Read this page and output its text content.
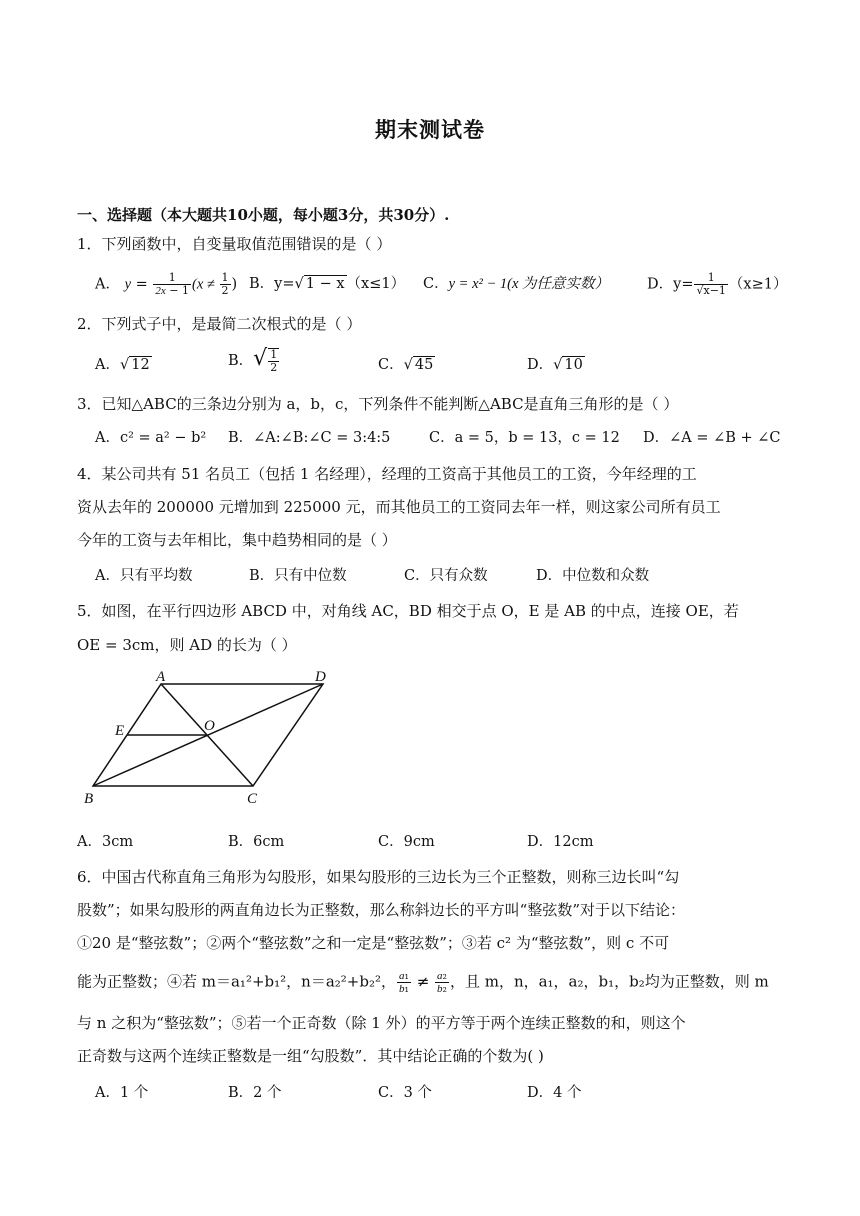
期末测试卷
一、选择题（本大题共10小题，每小题3分，共30分）.
1．下列函数中，自变量取值范围错误的是（ ）
A． $y = \frac{1}{2x - 1} (x \ne \frac{1}{2}$ ) B．y=√ 1 − x （x≤1） C．y = x² − 1(x 为任意实数）	D．$y= \frac{1}{√x-1} (x\ge 1)$
2．下列式子中，是最简二次根式的是（ ）
A．√ 12	B．√ $\frac{1}{2}$	C．√ 45	D．√ 10
3．已知△ABC的三条边分别为 a，b，c，下列条件不能判断△ABC是直角三角形的是（ ）
A．c² = a² − b² B．∠A:∠B:∠C = 3:4:5	C．a = 5，b = 13，c = 12 D．∠A = ∠B + ∠C
4．某公司共有 51 名员工（包括 1 名经理），经理的工资高于其他员工的工资，今年经理的工
资从去年的 200000 元增加到 225000 元，而其他员工的工资同去年一样，则这家公司所有员工
今年的工资与去年相比，集中趋势相同的是（ ）
A．只有平均数	B．只有中位数	C．只有众数	D．中位数和众数
5．如图，在平行四边形 ABCD 中，对角线 AC，BD 相交于点 O，E 是 AB 的中点，连接 OE，若
OE = 3cm，则 AD 的长为（ ）
A	D
B	C
E	O
A．3cm	B．6cm	C．9cm	D．12cm
6．中国古代称直角三角形为勾股形，如果勾股形的三边长为三个正整数，则称三边长叫“勾
股数”；如果勾股形的两直角边长为正整数，那么称斜边长的平方叫“整弦数”对于以下结论：
①20 是“整弦数”；②两个“整弦数”之和一定是“整弦数”；③若 c² 为“整弦数”，则 c 不可
能为正整数；④若 m＝a₁²+b₁²，n＝a₂²+b₂²， $\frac{\text{a₁}}{\text{b₁}} \ne \frac{\text{a₂}}{\text{b₂}}$ ，且 m，n，a₁，a₂，b₁，b₂均为正整数，则 m
与 n 之积为“整弦数”；⑤若一个正奇数（除 1 外）的平方等于两个连续正整数的和，则这个
正奇数与这两个连续正整数是一组“勾股数”．其中结论正确的个数为( )
A．1 个	B．2 个	C．3 个	D．4 个
